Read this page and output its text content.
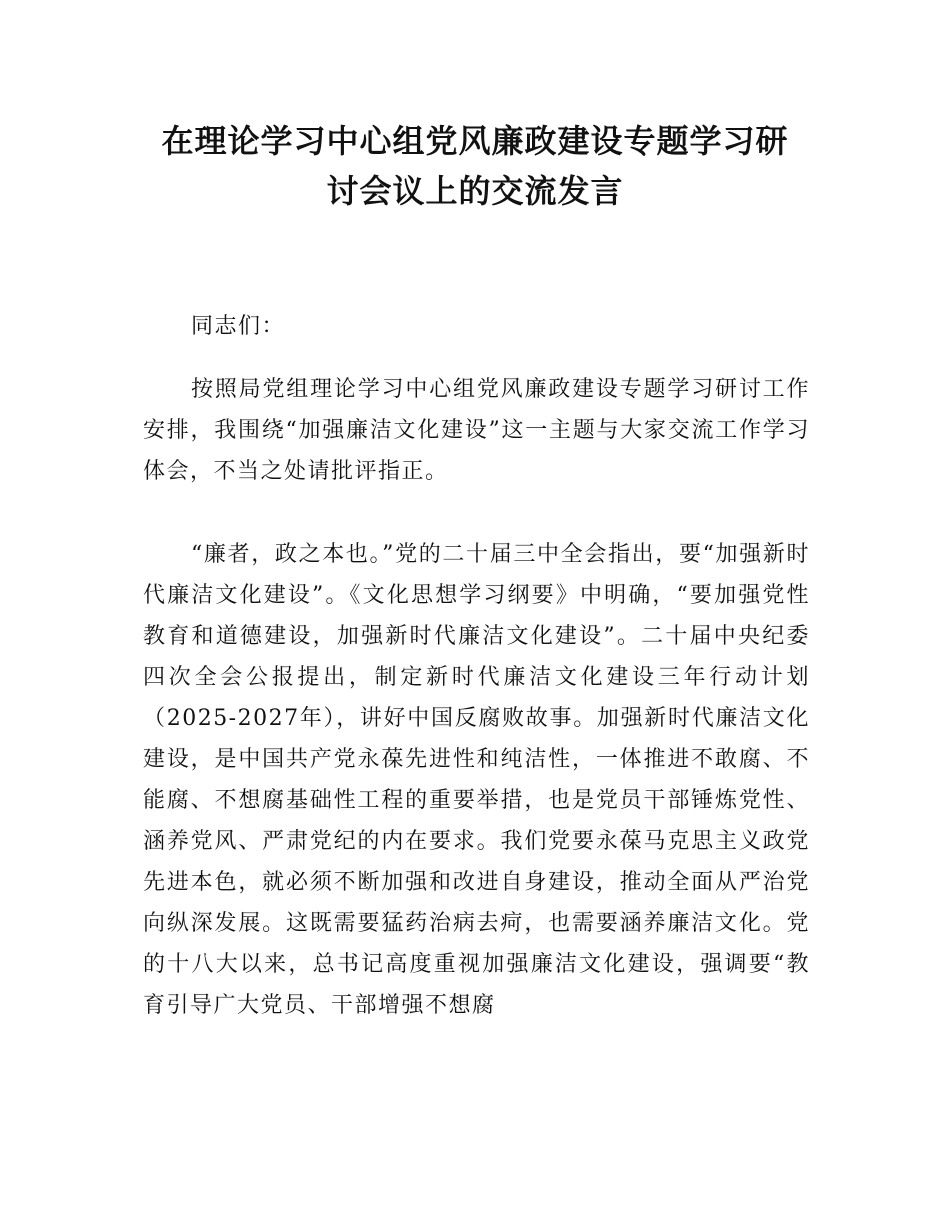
在理论学习中心组党风廉政建设专题学习研
讨会议上的交流发言

同志们：

按照局党组理论学习中心组党风廉政建设专题学习研讨工作安排，我围绕“加强廉洁文化建设”这一主题与大家交流工作学习体会，不当之处请批评指正。

“廉者，政之本也。”党的二十届三中全会指出，要“加强新时代廉洁文化建设”。《文化思想学习纲要》中明确，“要加强党性教育和道德建设，加强新时代廉洁文化建设”。二十届中央纪委四次全会公报提出，制定新时代廉洁文化建设三年行动计划（2025-2027年），讲好中国反腐败故事。加强新时代廉洁文化建设，是中国共产党永葆先进性和纯洁性，一体推进不敢腐、不能腐、不想腐基础性工程的重要举措，也是党员干部锤炼党性、涵养党风、严肃党纪的内在要求。我们党要永葆马克思主义政党先进本色，就必须不断加强和改进自身建设，推动全面从严治党向纵深发展。这既需要猛药治病去疴，也需要涵养廉洁文化。党的十八大以来，总书记高度重视加强廉洁文化建设，强调要“教育引导广大党员、干部增强不想腐
